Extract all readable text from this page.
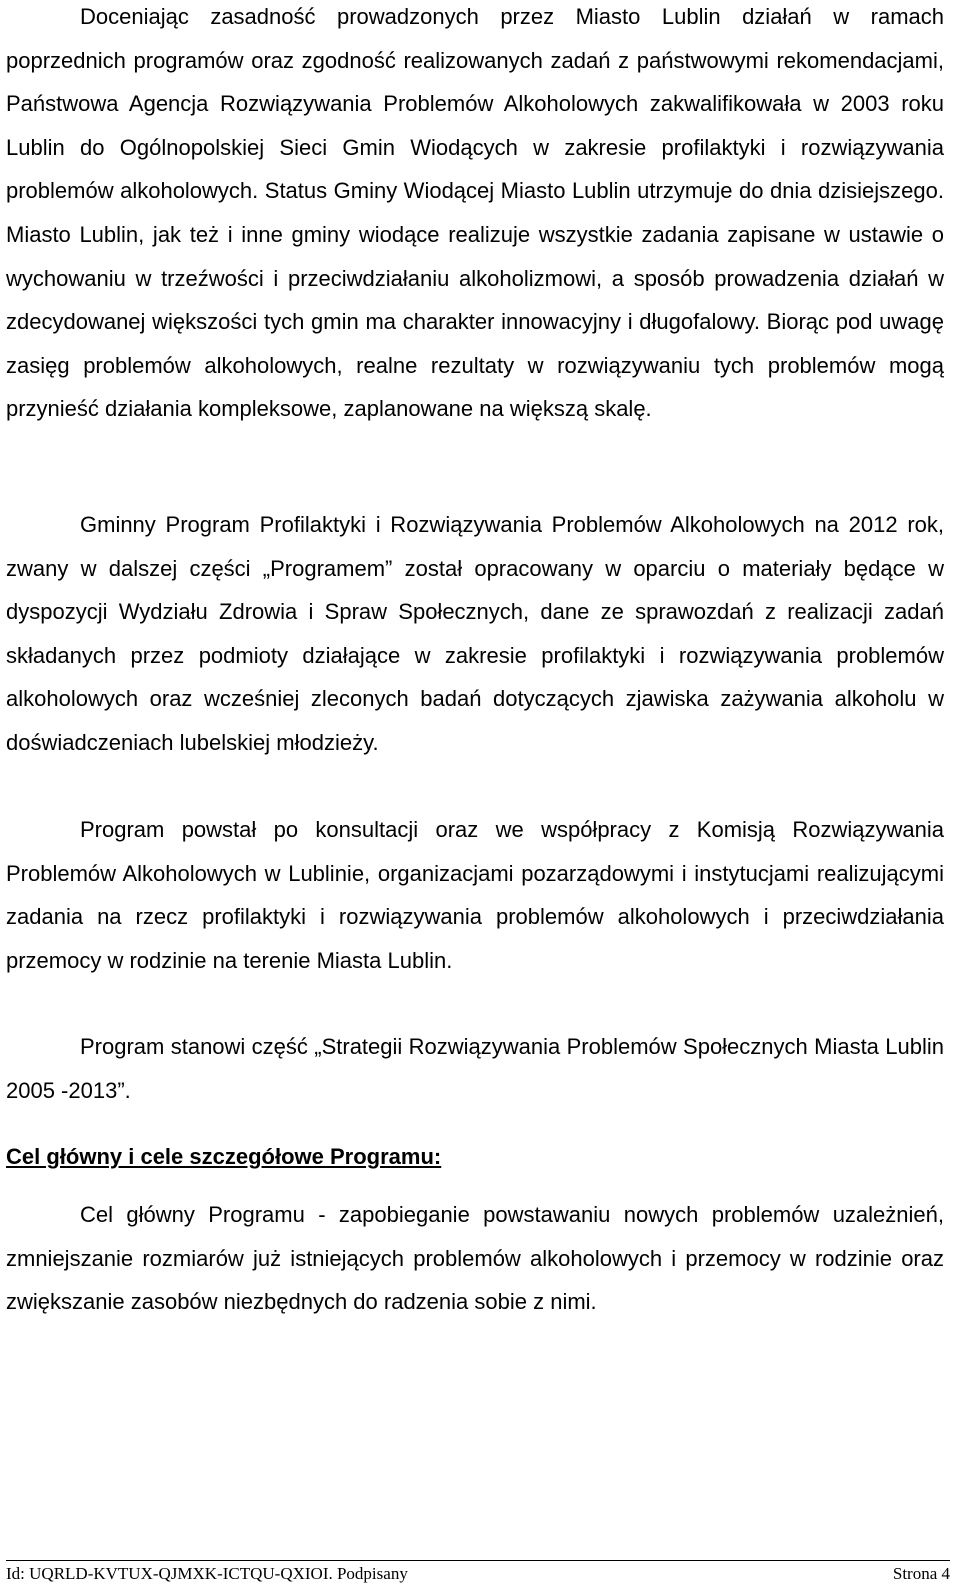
Doceniając zasadność prowadzonych przez Miasto Lublin działań w ramach poprzednich programów oraz zgodność realizowanych zadań z państwowymi rekomendacjami, Państwowa Agencja Rozwiązywania Problemów Alkoholowych zakwalifikowała w 2003 roku Lublin do Ogólnopolskiej Sieci Gmin Wiodących w zakresie profilaktyki i rozwiązywania problemów alkoholowych. Status Gminy Wiodącej Miasto Lublin utrzymuje do dnia dzisiejszego. Miasto Lublin, jak też i inne gminy wiodące realizuje wszystkie zadania zapisane w ustawie o wychowaniu w trzeźwości i przeciwdziałaniu alkoholizmowi, a sposób prowadzenia działań w zdecydowanej większości tych gmin ma charakter innowacyjny i długofalowy. Biorąc pod uwagę zasięg problemów alkoholowych, realne rezultaty w rozwiązywaniu tych problemów mogą przynieść działania kompleksowe, zaplanowane na większą skalę.

Gminny Program Profilaktyki i Rozwiązywania Problemów Alkoholowych na 2012 rok, zwany w dalszej części „Programem” został opracowany w oparciu o materiały będące w dyspozycji Wydziału Zdrowia i Spraw Społecznych, dane ze sprawozdań z realizacji zadań składanych przez podmioty działające w zakresie profilaktyki i rozwiązywania problemów alkoholowych oraz wcześniej zleconych badań dotyczących zjawiska zażywania alkoholu w doświadczeniach lubelskiej młodzieży.

Program powstał po konsultacji oraz we współpracy z Komisją Rozwiązywania Problemów Alkoholowych w Lublinie, organizacjami pozarządowymi i instytucjami realizującymi zadania na rzecz profilaktyki i rozwiązywania problemów alkoholowych i przeciwdziałania przemocy w rodzinie na terenie Miasta Lublin.

Program stanowi część „Strategii Rozwiązywania Problemów Społecznych Miasta Lublin 2005 -2013”.

Cel główny i cele szczegółowe Programu:

Cel główny Programu - zapobieganie powstawaniu nowych problemów uzależnień, zmniejszanie rozmiarów już istniejących problemów alkoholowych i przemocy w rodzinie oraz zwiększanie zasobów niezbędnych do radzenia sobie z nimi.

Id: UQRLD-KVTUX-QJMXK-ICTQU-QXIOI. Podpisany	Strona 4
